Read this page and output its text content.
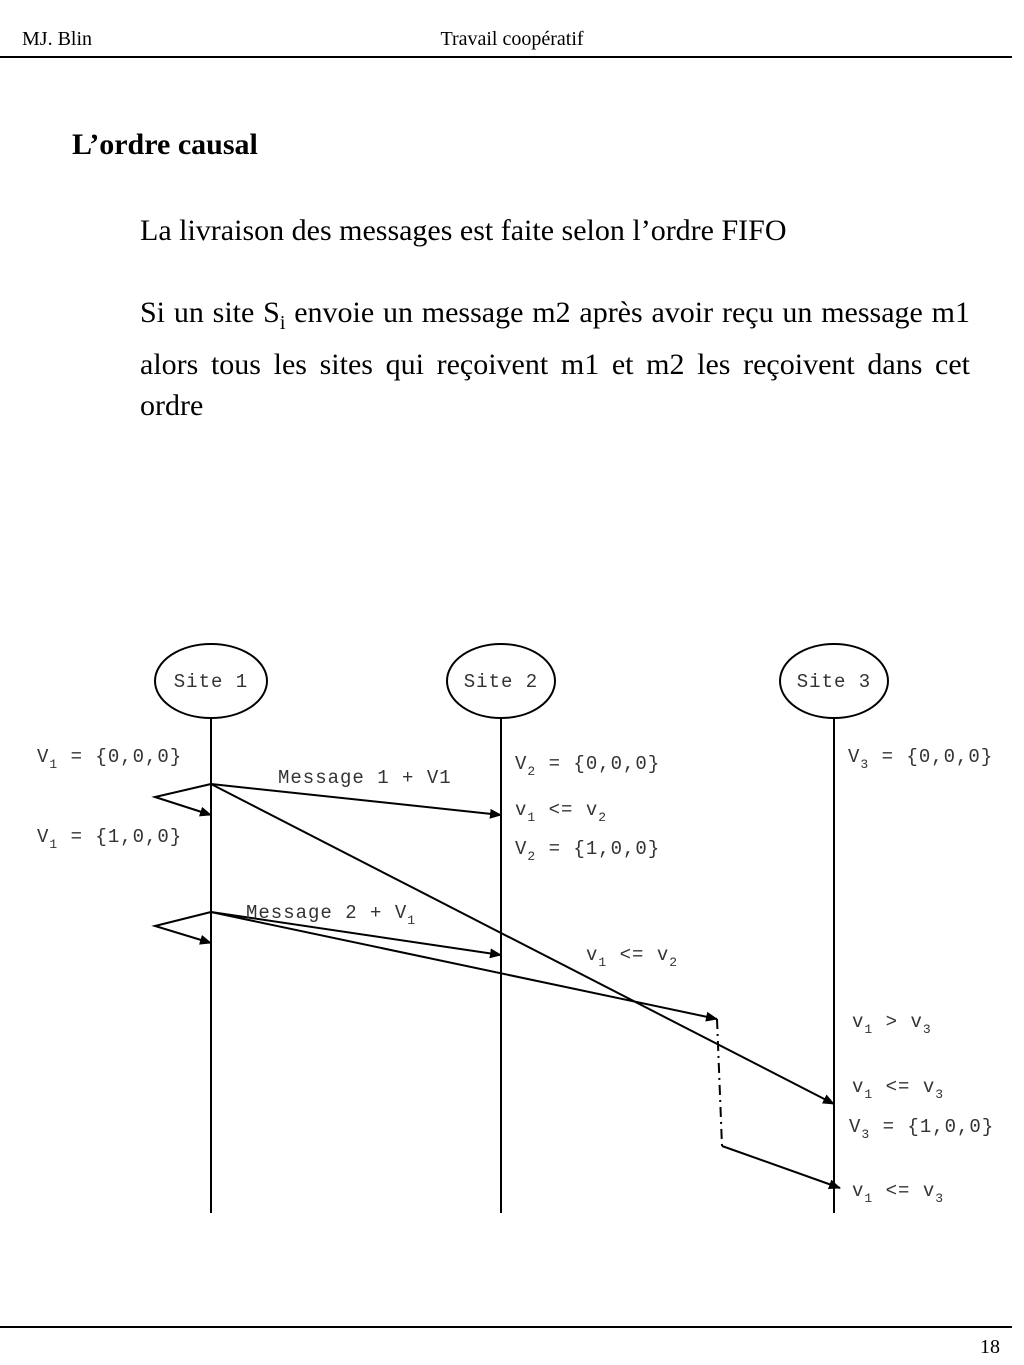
MJ. Blin	Travail coopératif
L’ordre causal
La livraison des messages est faite selon l’ordre FIFO
Si un site $S_i$ envoie un message m2 après avoir reçu un message m1 alors tous les sites qui reçoivent m1 et m2 les reçoivent dans cet ordre
Site 1	Site 2	Site 3
Message 1 + V1
Message $2 + V_1$
$V_1 = \{0,0,0\}$
$V_1 = \{1,0,0\}$
$V_2 = \{0,0,0\}$
$v_1 <= v_2$
$V_2 = \{1,0,0\}$
$v_1 <= v_2$
$V_3 = \{0,0,0\}$
$v_1 > v_3$
$v_1 <= v_3$
$V_3 = \{1,0,0\}$
$v_1 <= v_3$
18
